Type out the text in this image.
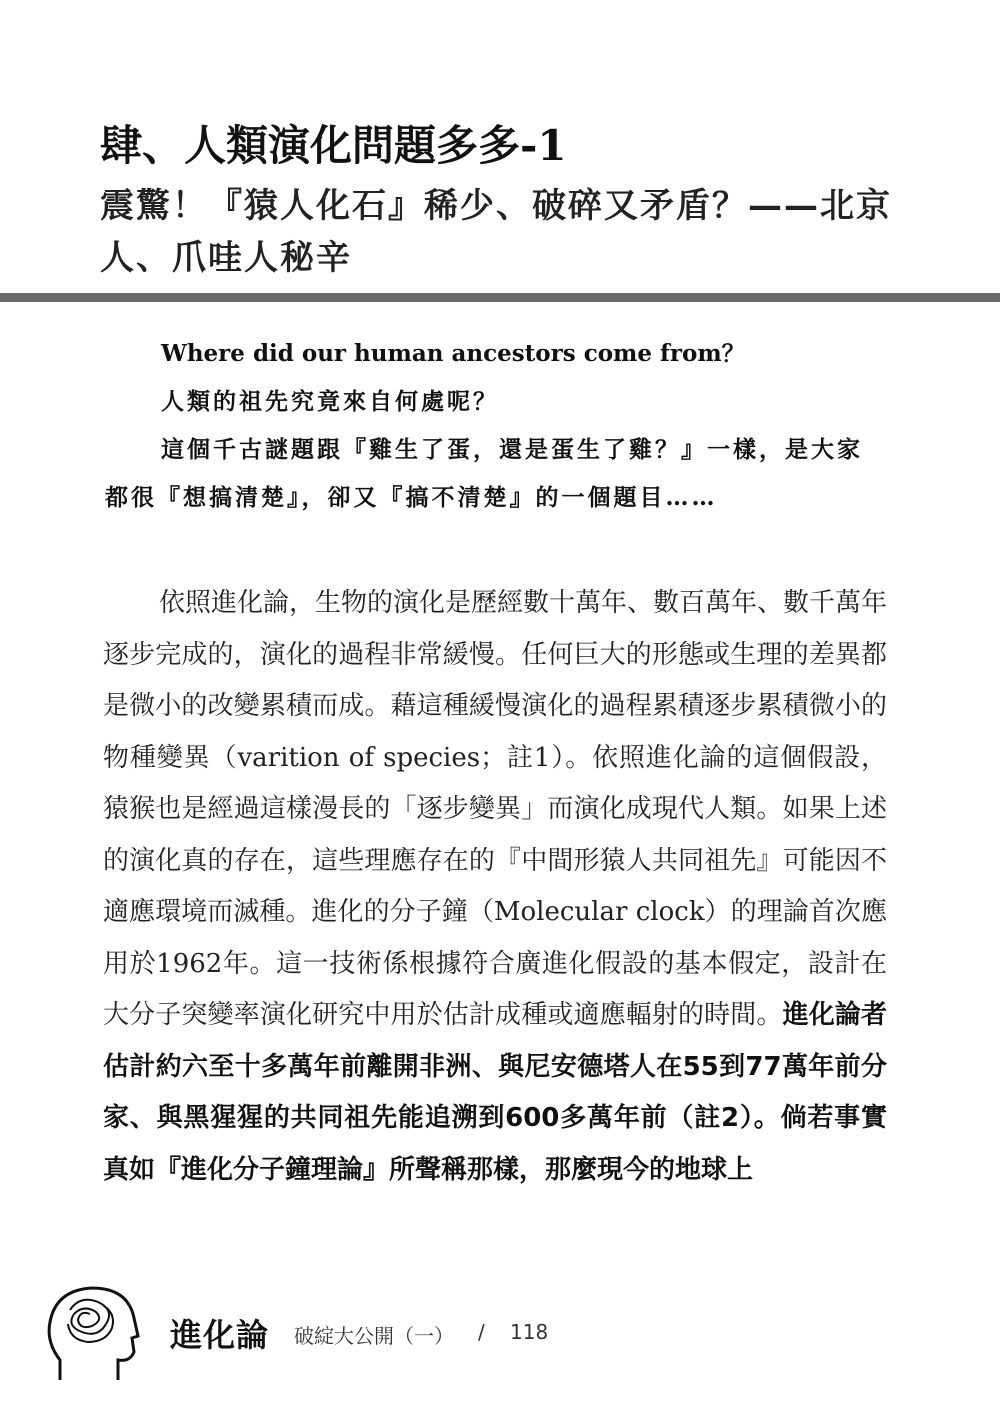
肆、人類演化問題多多-1
震驚！『猿人化石』稀少、破碎又矛盾？——北京人、爪哇人秘辛

Where did our human ancestors come from？

人類的祖先究竟來自何處呢？

這個千古謎題跟『雞生了蛋，還是蛋生了雞？』一樣，是大家都很『想搞清楚』，卻又『搞不清楚』的一個題目……

依照進化論，生物的演化是歷經數十萬年、數百萬年、數千萬年逐步完成的，演化的過程非常緩慢。任何巨大的形態或生理的差異都是微小的改變累積而成。藉這種緩慢演化的過程累積逐步累積微小的物種變異（varition of species；註1）。依照進化論的這個假設，猿猴也是經過這樣漫長的「逐步變異」而演化成現代人類。如果上述的演化真的存在，這些理應存在的『中間形猿人共同祖先』可能因不適應環境而滅種。進化的分子鐘（Molecular clock）的理論首次應用於1962年。這一技術係根據符合廣進化假設的基本假定，設計在大分子突變率演化研究中用於估計成種或適應輻射的時間。進化論者估計約六至十多萬年前離開非洲、與尼安德塔人在55到77萬年前分家、與黑猩猩的共同祖先能追溯到600多萬年前（註2）。倘若事實真如『進化分子鐘理論』所聲稱那樣，那麼現今的地球上

進化論 破綻大公開（一） / 118
